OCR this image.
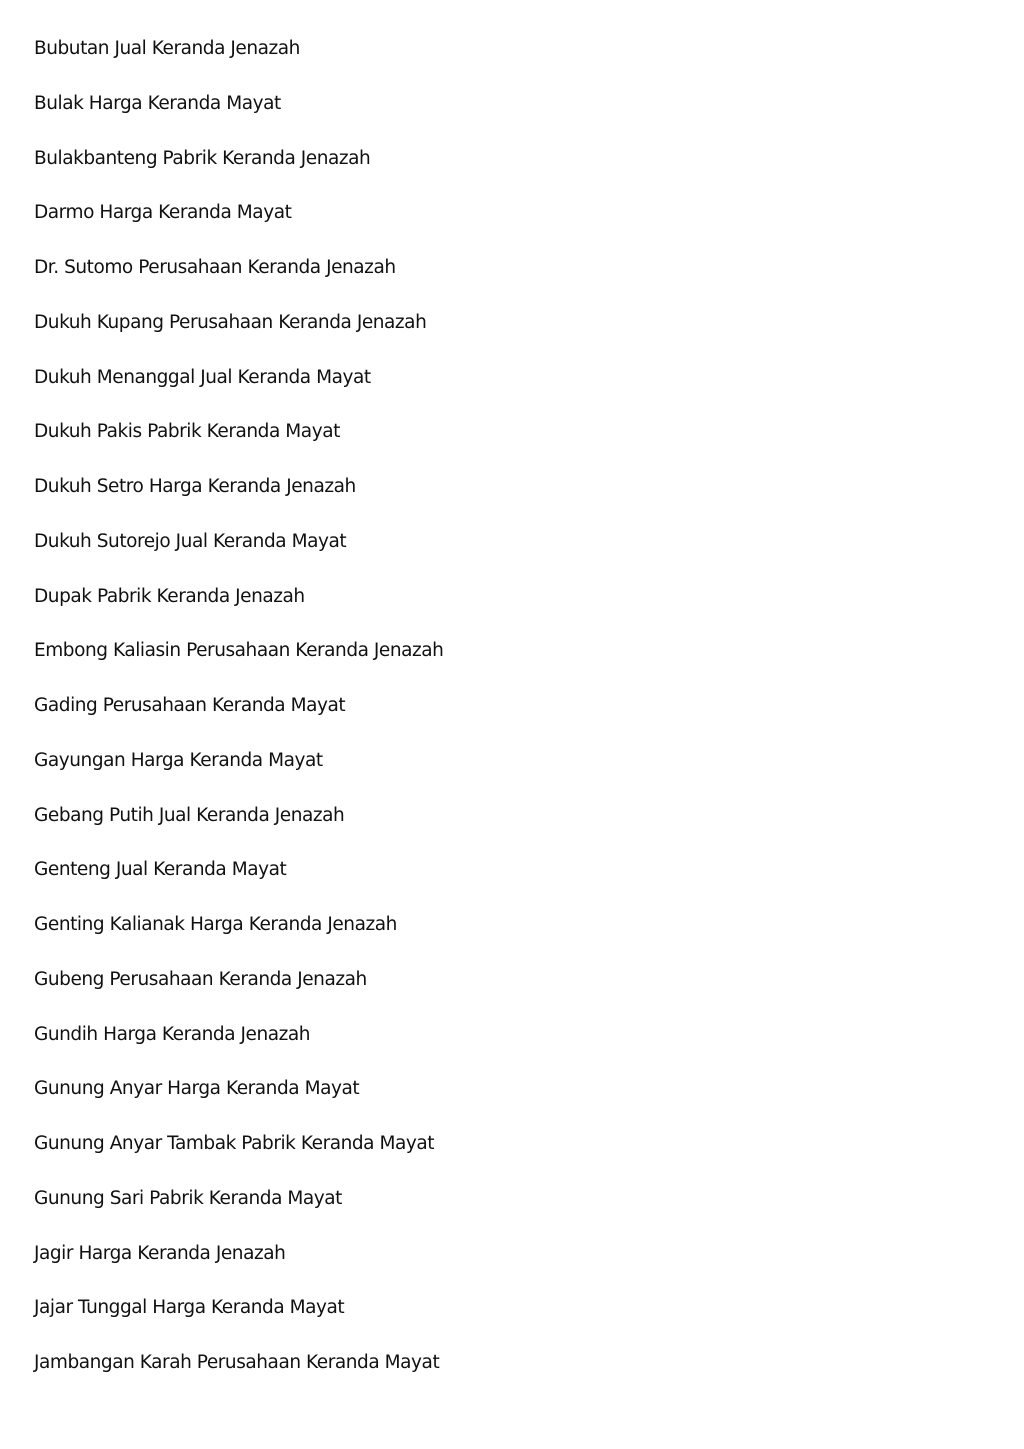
Bubutan Jual Keranda Jenazah
Bulak Harga Keranda Mayat
Bulakbanteng Pabrik Keranda Jenazah
Darmo Harga Keranda Mayat
Dr. Sutomo Perusahaan Keranda Jenazah
Dukuh Kupang Perusahaan Keranda Jenazah
Dukuh Menanggal Jual Keranda Mayat
Dukuh Pakis Pabrik Keranda Mayat
Dukuh Setro Harga Keranda Jenazah
Dukuh Sutorejo Jual Keranda Mayat
Dupak Pabrik Keranda Jenazah
Embong Kaliasin Perusahaan Keranda Jenazah
Gading Perusahaan Keranda Mayat
Gayungan Harga Keranda Mayat
Gebang Putih Jual Keranda Jenazah
Genteng Jual Keranda Mayat
Genting Kalianak Harga Keranda Jenazah
Gubeng Perusahaan Keranda Jenazah
Gundih Harga Keranda Jenazah
Gunung Anyar Harga Keranda Mayat
Gunung Anyar Tambak Pabrik Keranda Mayat
Gunung Sari Pabrik Keranda Mayat
Jagir Harga Keranda Jenazah
Jajar Tunggal Harga Keranda Mayat
Jambangan Karah Perusahaan Keranda Mayat
